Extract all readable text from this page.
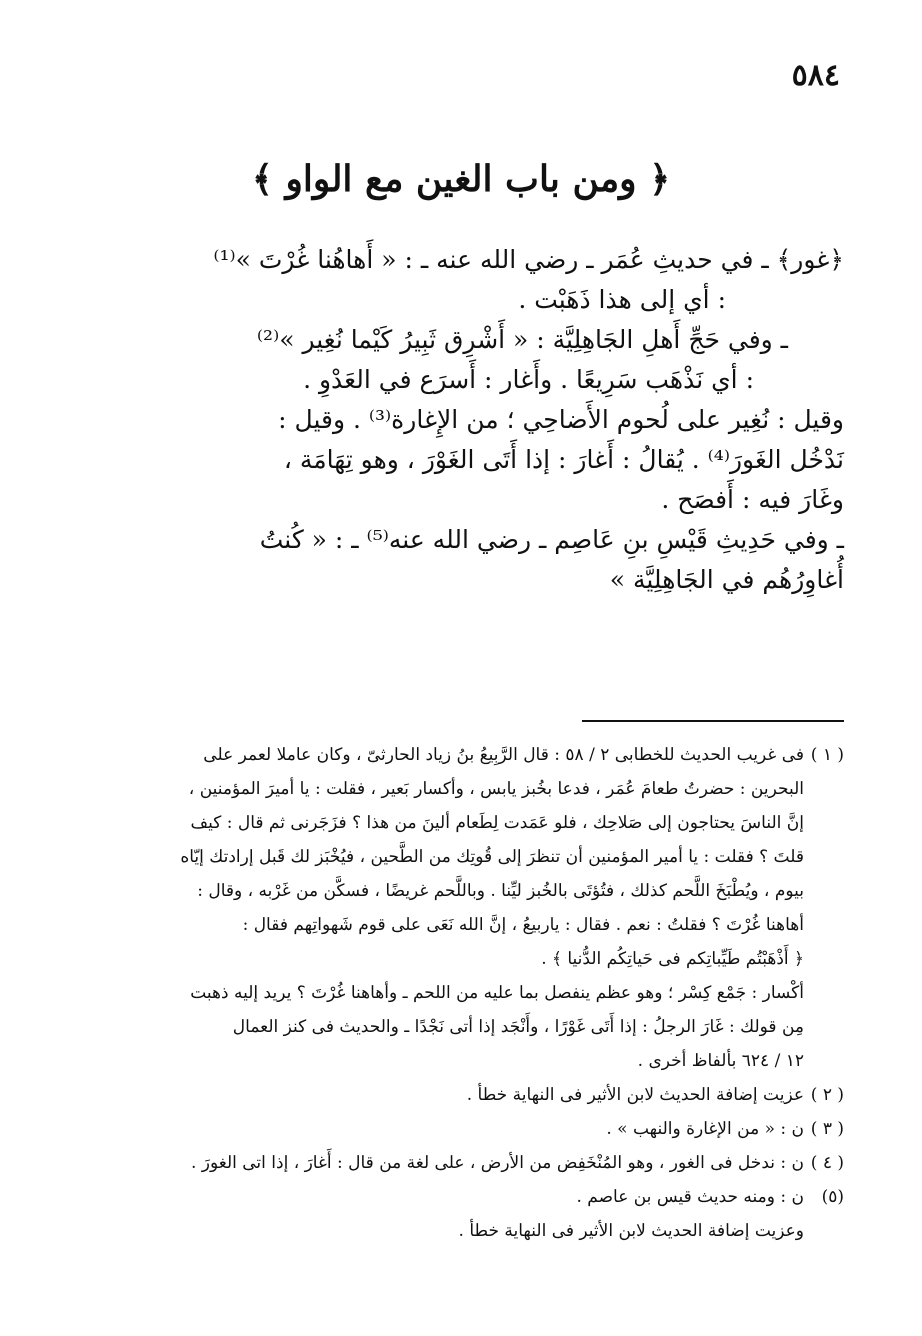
٥٨٤
﴿ ومن باب الغين مع الواو ﴾

﴿غور﴾ ـ في حديثِ عُمَر ـ رضي الله عنه ـ : « أَهاهُنا غُرْتَ »⁽¹⁾

: أي إلى هذا ذَهَبْت .

ـ وفي حَجِّ أَهلِ الجَاهِلِيَّة : « أَشْرِق ثَبِيرُ كَيْما نُغِير »⁽²⁾

: أي نَذْهَب سَرِيعًا . وأَغار : أَسرَع في العَدْوِ .

وقيل : نُغِير على لُحوم الأَضاحِي ؛ من الإِغارة⁽³⁾ . وقيل :

نَدْخُل الغَورَ⁽⁴⁾ . يُقالُ : أَغارَ : إذا أَتَى الغَوْرَ ، وهو تِهَامَة ،

وغَارَ فيه : أَفصَح .

ـ وفي حَدِيثِ قَيْسِ بنِ عَاصِم ـ رضي الله عنه⁽⁵⁾ ـ : « كُنتُ

أُغاوِرُهُم في الجَاهِلِيَّة »

( ١ )فى غريب الحديث للخطابى ٢ / ٥٨ : قال الرَّبِيعُ بنُ زياد الحارثىّ ، وكان عاملا لعمر على

البحرين : حضرتُ طعامَ عُمَر ، فدعا بخُبز يابس ، وأكسار بَعير ، فقلت : يا أميرَ المؤمنين ،

إنَّ الناسَ يحتاجون إلى صَلاحِك ، فلو عَمَدت لِطَعام ألينَ من هذا ؟ فزَجَرنى ثم قال : كيف

قلتَ ؟ فقلت : يا أمير المؤمنين أن تنظرَ إلى قُوتِك من الطَّحين ، فيُخْبَز لك قَبل إرادتك إيّاه

بيوم ، ويُطْبَخَ اللَّحم كذلك ، فتُؤتَى بالخُبز ليِّنا . وباللَّحم غريضًا ، فسكَّن من غَرْبه ، وقال :

أهاهنا غُرْتَ ؟ فقلتُ : نعم . فقال : ياربيعُ ، إنَّ الله نَعَى على قوم شَهواتِهم فقال :

﴿ أَذْهَبْتُم طَيِّباتِكم فى حَياتِكُم الدُّنيا ﴾ .

أكْسار : جَمْع كِسْر ؛ وهو عظم ينفصل بما عليه من اللحم ـ وأهاهنا غُرْتَ ؟ يريد إليه ذهبت

مِن قولك : غَارَ الرجلُ : إذا أَتَى غَوْرًا ، وأَنْجَد إذا أتى نَجْدًا ـ والحديث فى كنز العمال

١٢ / ٦٢٤ بألفاظ أخرى .

( ٢ )عزيت إضافة الحديث لابن الأثير فى النهاية خطأ .

( ٣ )ن : « من الإغارة والنهب » .

( ٤ )ن : ندخل فى الغور ، وهو المُنْخَفِض من الأرض ، على لغة من قال : أَغارَ ، إذا اتى الغورَ .

(٥)ن : ومنه حديث قيس بن عاصم .

وعزيت إضافة الحديث لابن الأثير فى النهاية خطأ .
